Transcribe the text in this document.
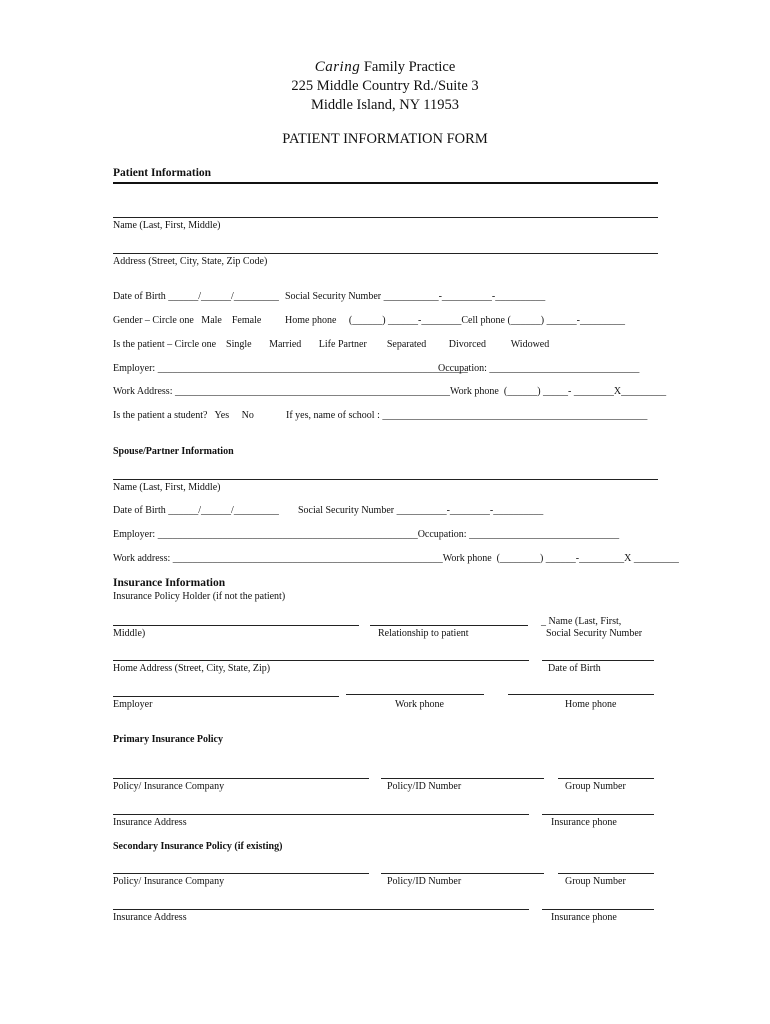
Caring Family Practice
225 Middle Country Rd./Suite 3
Middle Island, NY 11953
PATIENT INFORMATION FORM
Patient Information
Name (Last, First, Middle)
Address (Street, City, State, Zip Code)
Date of Birth ______/______/_________ Social Security Number ___________-__________-__________
Gender – Circle one   Male    Female Home phone     (______) ______-________Cell phone (______) ______-_________
Is the patient – Circle one    Single       Married       Life Partner        Separated         Divorced          Widowed
Employer: ______________________________________________________________
Occupation: ______________________________
Work Address: _______________________________________________________Work phone  (______) _____- ________X_________
Is the patient a student?   Yes     No	If yes, name of school : _____________________________________________________
Spouse/Partner Information
Name (Last, First, Middle)
Date of Birth ______/______/_________ Social Security Number __________-________-__________
Employer: ____________________________________________________Occupation: ______________________________
Work address: ______________________________________________________Work phone  (________) ______-_________X _________
Insurance Information
Insurance Policy Holder (if not the patient)
_ Name (Last, First,
Middle)	Relationship to patient	Social Security Number
Home Address (Street, City, State, Zip)	Date of Birth
Employer	Work phone	Home phone
Primary Insurance Policy
Policy/ Insurance Company	Policy/ID Number	Group Number
Insurance Address	Insurance phone
Secondary Insurance Policy (if existing)
Policy/ Insurance Company	Policy/ID Number	Group Number
Insurance Address	Insurance phone
